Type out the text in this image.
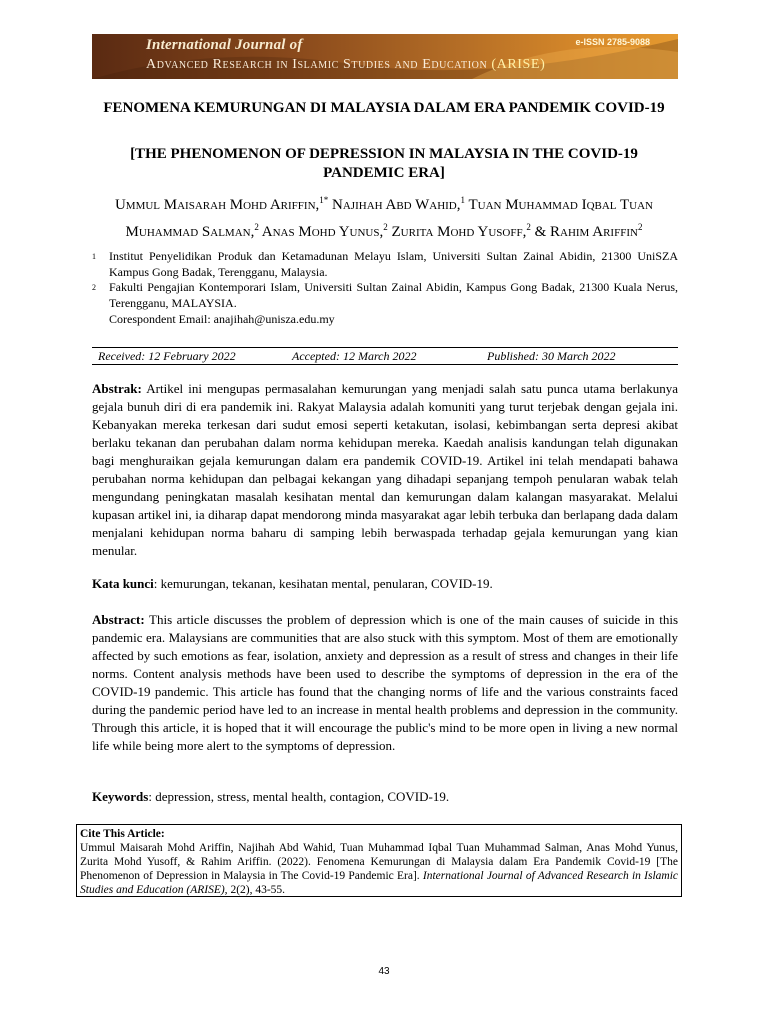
e-ISSN 2785-9088
International Journal of
Advanced Research in Islamic Studies and Education (ARISE)
FENOMENA KEMURUNGAN DI MALAYSIA DALAM ERA PANDEMIK COVID-19
[THE PHENOMENON OF DEPRESSION IN MALAYSIA IN THE COVID-19
PANDEMIC ERA]
Ummul Maisarah Mohd Ariffin,$^{1*}$ Najihah Abd Wahid,$^1$ Tuan Muhammad Iqbal Tuan
Muhammad Salman,$^2$ Anas Mohd Yunus,$^2$ Zurita Mohd Yusoff,$^2$ & Rahim Ariffin$^2$
1 Institut Penyelidikan Produk dan Ketamadunan Melayu Islam, Universiti Sultan Zainal Abidin, 21300 UniSZA Kampus Gong Badak, Terengganu, Malaysia.
2 Fakulti Pengajian Kontemporari Islam, Universiti Sultan Zainal Abidin, Kampus Gong Badak, 21300 Kuala Nerus, Terengganu, MALAYSIA.
Corespondent Email: anajihah@unisza.edu.my
Received: 12 February 2022	Accepted: 12 March 2022	Published: 30 March 2022
Abstrak: Artikel ini mengupas permasalahan kemurungan yang menjadi salah satu punca utama berlakunya gejala bunuh diri di era pandemik ini. Rakyat Malaysia adalah komuniti yang turut terjebak dengan gejala ini. Kebanyakan mereka terkesan dari sudut emosi seperti ketakutan, isolasi, kebimbangan serta depresi akibat berlaku tekanan dan perubahan dalam norma kehidupan mereka. Kaedah analisis kandungan telah digunakan bagi menghuraikan gejala kemurungan dalam era pandemik COVID-19. Artikel ini telah mendapati bahawa perubahan norma kehidupan dan pelbagai kekangan yang dihadapi sepanjang tempoh penularan wabak telah mengundang peningkatan masalah kesihatan mental dan kemurungan dalam kalangan masyarakat. Melalui kupasan artikel ini, ia diharap dapat mendorong minda masyarakat agar lebih terbuka dan berlapang dada dalam menjalani kehidupan norma baharu di samping lebih berwaspada terhadap gejala kemurungan yang kian menular.
Kata kunci: kemurungan, tekanan, kesihatan mental, penularan, COVID-19.
Abstract: This article discusses the problem of depression which is one of the main causes of suicide in this pandemic era. Malaysians are communities that are also stuck with this symptom. Most of them are emotionally affected by such emotions as fear, isolation, anxiety and depression as a result of stress and changes in their life norms. Content analysis methods have been used to describe the symptoms of depression in the era of the COVID-19 pandemic. This article has found that the changing norms of life and the various constraints faced during the pandemic period have led to an increase in mental health problems and depression in the community. Through this article, it is hoped that it will encourage the public's mind to be more open in living a new normal life while being more alert to the symptoms of depression.
Keywords: depression, stress, mental health, contagion, COVID-19.
Cite This Article:
Ummul Maisarah Mohd Ariffin, Najihah Abd Wahid, Tuan Muhammad Iqbal Tuan Muhammad Salman, Anas Mohd Yunus, Zurita Mohd Yusoff, & Rahim Ariffin. (2022). Fenomena Kemurungan di Malaysia dalam Era Pandemik Covid-19 [The Phenomenon of Depression in Malaysia in The Covid-19 Pandemic Era]. International Journal of Advanced Research in Islamic Studies and Education (ARISE), 2(2), 43-55.
43
